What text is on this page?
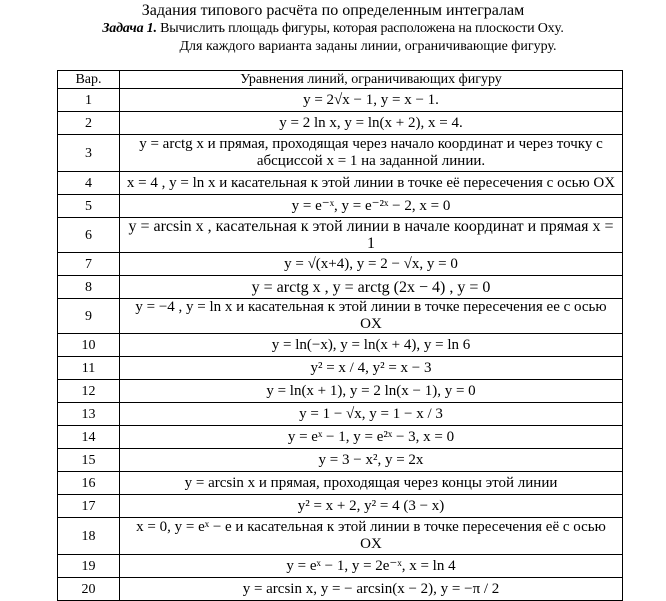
Задания типового расчёта по определенным интегралам
Задача 1. Вычислить площадь фигуры, которая расположена на плоскости Oxy.
Для каждого варианта заданы линии, ограничивающие фигуру.
Вар.	Уравнения линий, ограничивающих фигуру
1	y = 2√x − 1, y = x − 1.
2	y = 2 ln x, y = ln(x + 2), x = 4.
3	y = arctg x и прямая, проходящая через начало координат и через точку с абсциссой x = 1 на заданной линии.
4	x = 4 , y = ln x и касательная к этой линии в точке её пересечения с осью OX
5	y = e⁻ˣ, y = e⁻²ˣ − 2, x = 0
6	y = arcsin x , касательная к этой линии в начале координат и прямая x = 1
7	y = √(x+4), y = 2 − √x, y = 0
8	y = arctg x , y = arctg (2x − 4) , y = 0
9	y = −4 , y = ln x и касательная к этой линии в точке пересечения ее с осью OX
10	y = ln(−x), y = ln(x + 4), y = ln 6
11	y² = x / 4, y² = x − 3
12	y = ln(x + 1), y = 2 ln(x − 1), y = 0
13	y = 1 − √x, y = 1 − x / 3
14	y = eˣ − 1, y = e²ˣ − 3, x = 0
15	y = 3 − x², y = 2x
16	y = arcsin x и прямая, проходящая через концы этой линии
17	y² = x + 2, y² = 4 (3 − x)
18	x = 0, y = eˣ − e и касательная к этой линии в точке пересечения её с осью OX
19	y = eˣ − 1, y = 2e⁻ˣ, x = ln 4
20	y = arcsin x, y = − arcsin(x − 2), y = −π / 2
